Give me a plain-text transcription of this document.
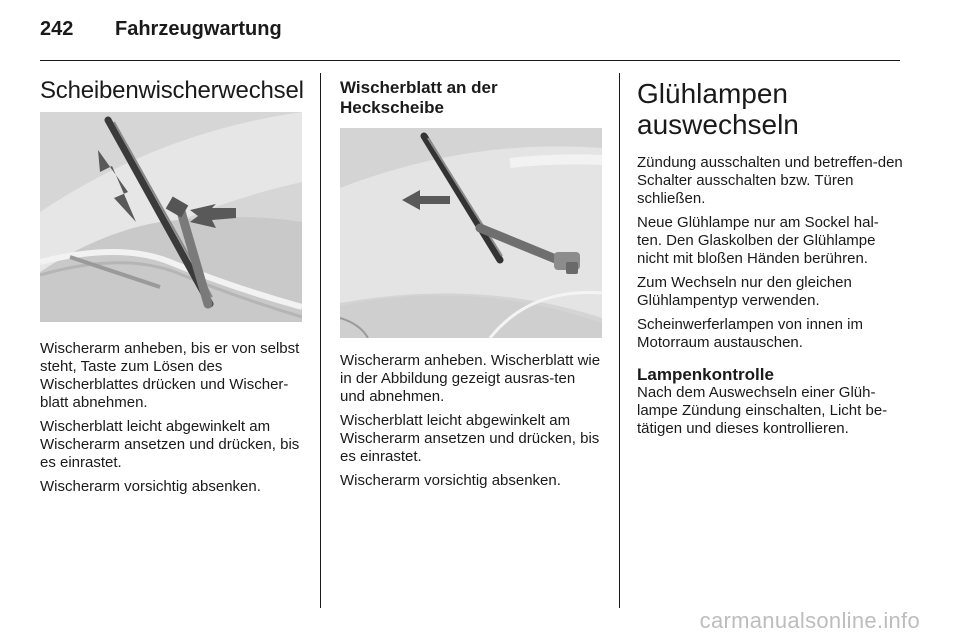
242 Fahrzeugwartung
Scheibenwischerwechsel

Wischerarm anheben, bis er von selbst steht, Taste zum Lösen des Wischerblattes drücken und Wischer-blatt abnehmen.

Wischerblatt leicht abgewinkelt am Wischerarm ansetzen und drücken, bis es einrastet.

Wischerarm vorsichtig absenken.

Wischerblatt an der
Heckscheibe

Wischerarm anheben. Wischerblatt wie in der Abbildung gezeigt ausras-ten und abnehmen.

Wischerblatt leicht abgewinkelt am Wischerarm ansetzen und drücken, bis es einrastet.

Wischerarm vorsichtig absenken.

Glühlampen
auswechseln

Zündung ausschalten und betreffen-den Schalter ausschalten bzw. Türen schließen.

Neue Glühlampe nur am Sockel hal-ten. Den Glaskolben der Glühlampe nicht mit bloßen Händen berühren.

Zum Wechseln nur den gleichen Glühlampentyp verwenden.

Scheinwerferlampen von innen im Motorraum austauschen.

Lampenkontrolle

Nach dem Auswechseln einer Glüh-lampe Zündung einschalten, Licht be-tätigen und dieses kontrollieren.

carmanualsonline.info
